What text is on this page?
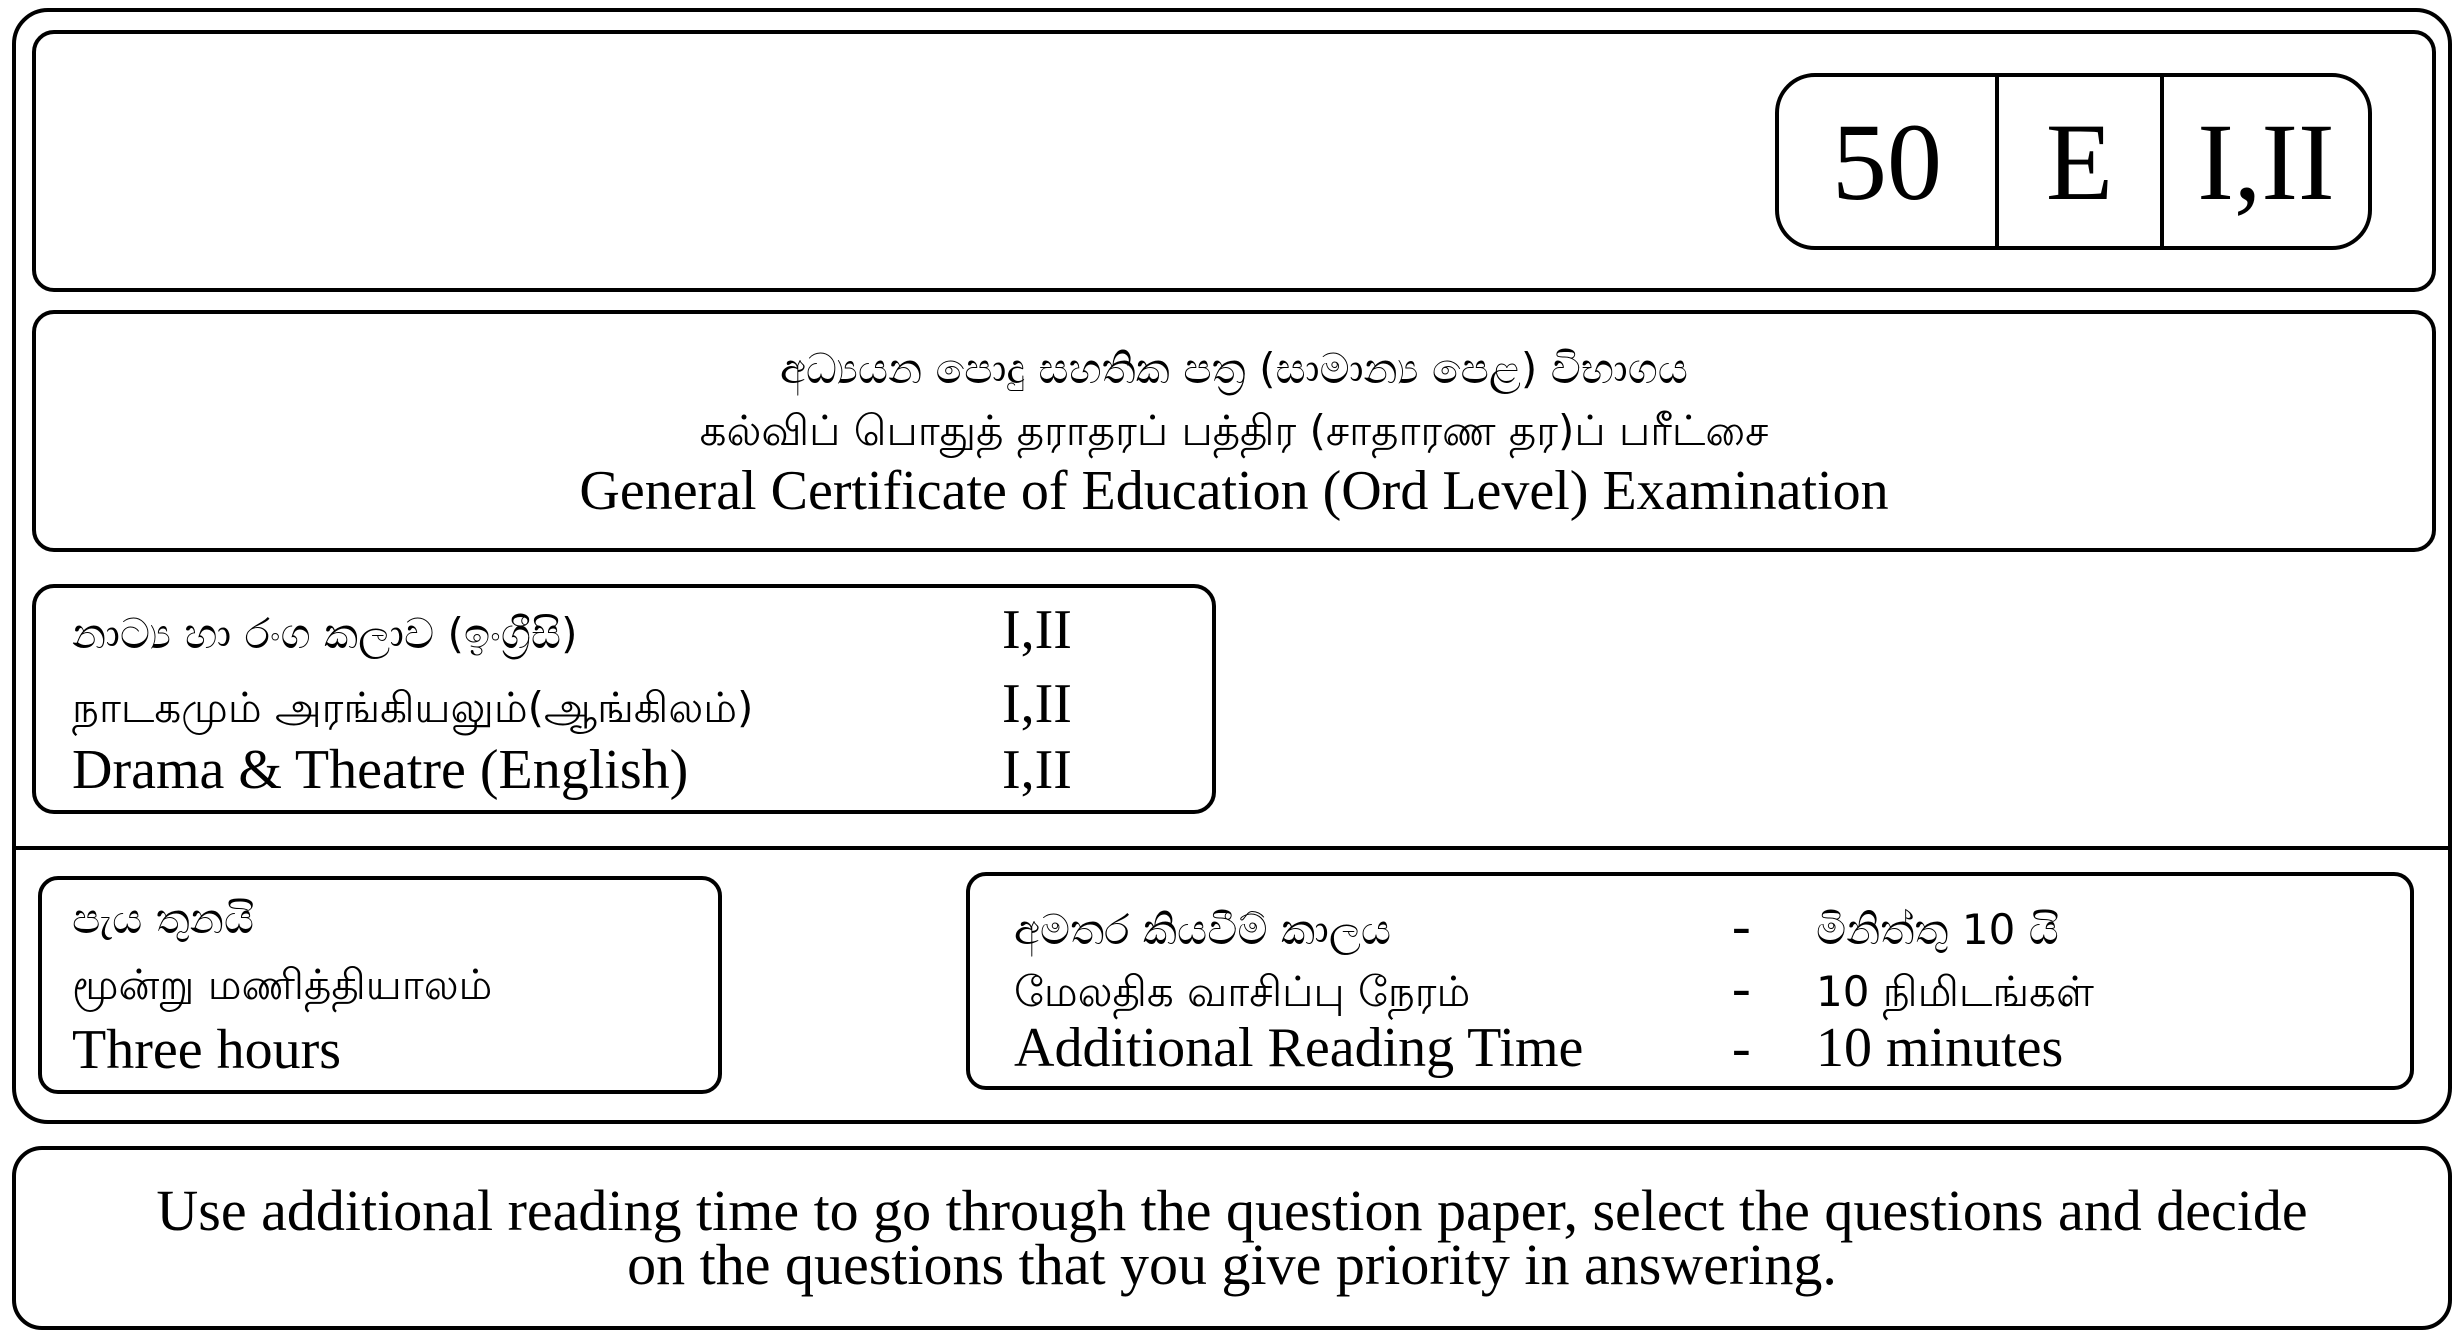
50 E I,II
අධ්‍යයන පොදු සහතික පත්‍ර (සාමාන්‍ය පෙළ) විභාගය
கல்விப் பொதுத் தராதரப் பத்திர (சாதாரண தர)ப் பரீட்சை
General Certificate of Education (Ord Level) Examination
නාට්‍ය හා රංග කලාව (ඉංග්‍රීසි)	I,II
நாடகமும் அரங்கியலும்(ஆங்கிலம்)	I,II
Drama & Theatre (English)	I,II
පැය තුනයි
மூன்று மணித்தியாலம்
Three hours
අමතර කියවීම් කාලය	-	මිනිත්තු 10 යි
மேலதிக வாசிப்பு நேரம்	-	10 நிமிடங்கள்
Additional Reading Time	-	10 minutes
Use additional reading time to go through the question paper, select the questions and decide
on the questions that you give priority in answering.
